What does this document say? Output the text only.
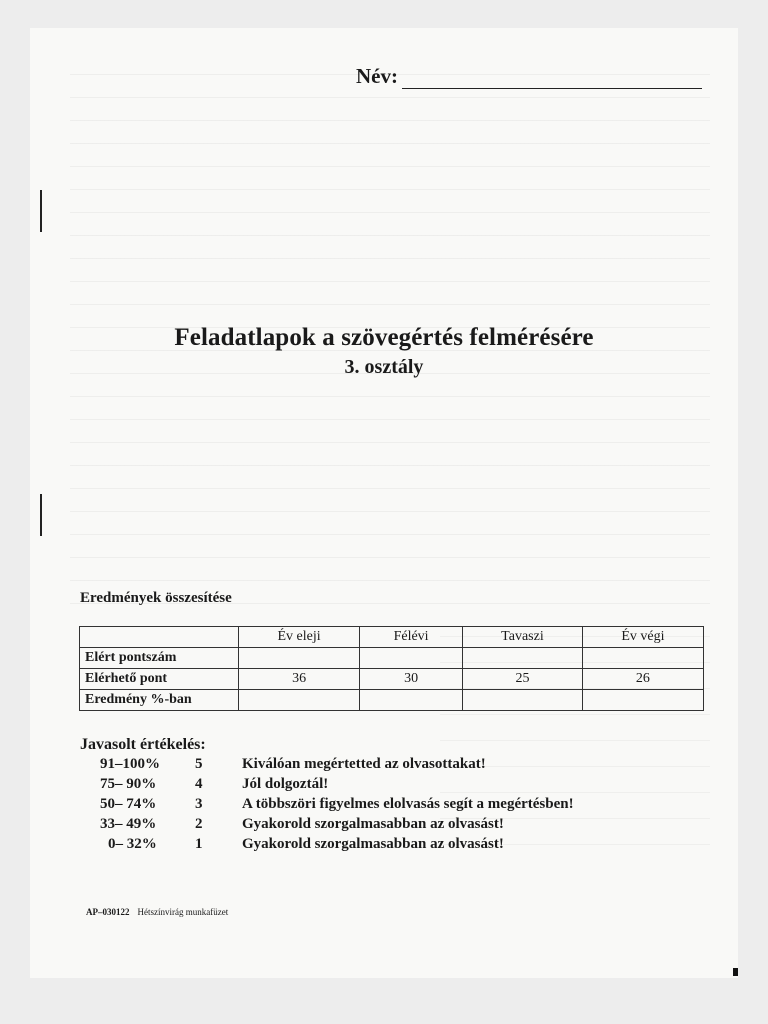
Név:
Feladatlapok a szövegértés felmérésére
3. osztály
Eredmények összesítése
	Év eleji	Félévi	Tavaszi	Év végi
Elért pontszám				
Elérhető pont	36	30	25	26
Eredmény %-ban				
Javasolt értékelés:
91–100% 5	Kiválóan megértetted az olvasottakat!
75– 90%	4	Jól dolgoztál!
50– 74%	3	A többszöri figyelmes elolvasás segít a megértésben!
33– 49%	2	Gyakorold szorgalmasabban az olvasást!
0– 32%	1	Gyakorold szorgalmasabban az olvasást!
AP–030122 Hétszínvirág munkafüzet
